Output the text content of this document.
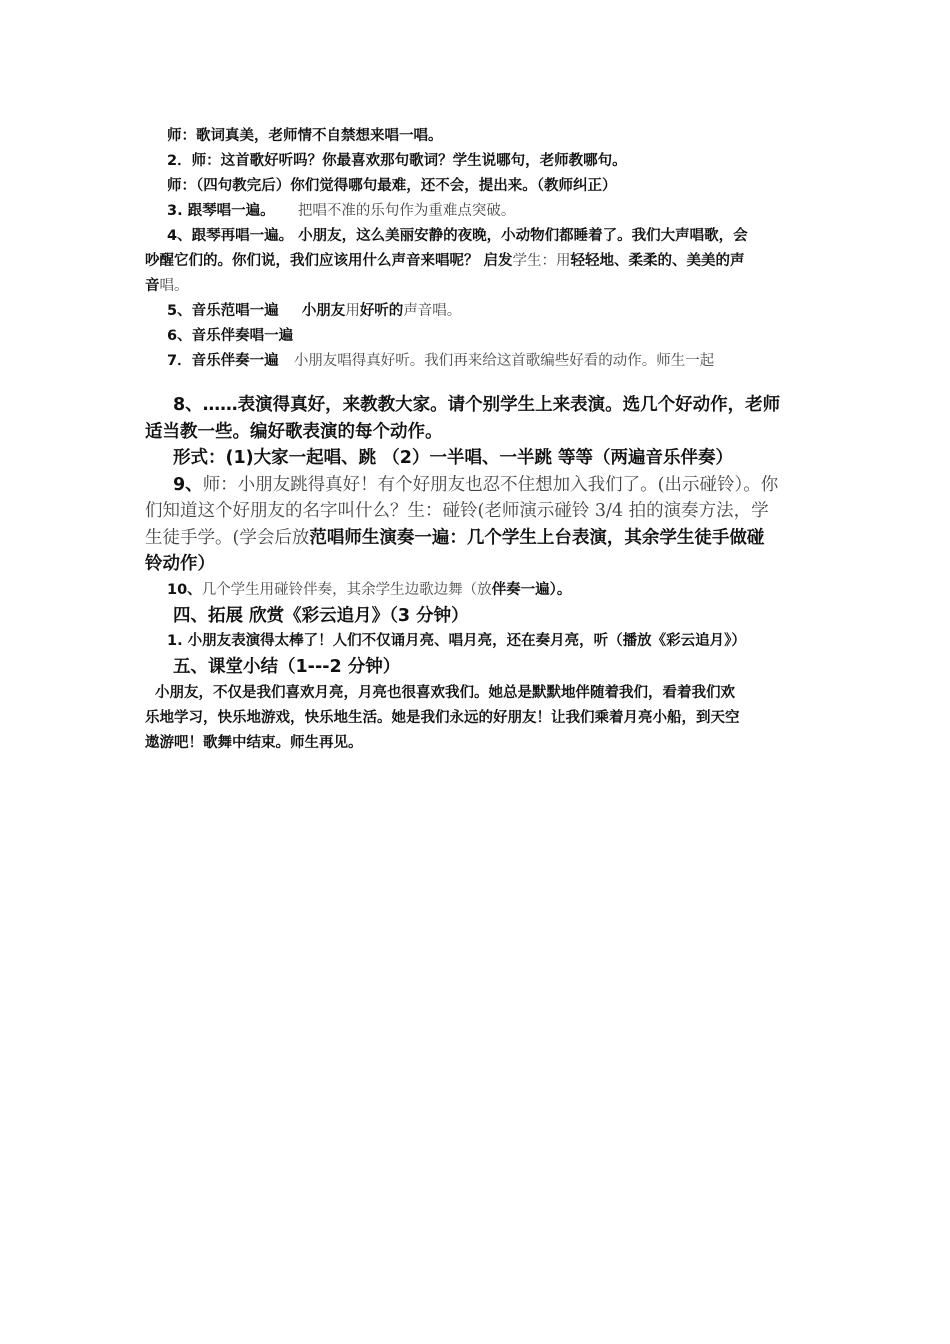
师：歌词真美，老师情不自禁想来唱一唱。

2．师：这首歌好听吗？你最喜欢那句歌词？学生说哪句，老师教哪句。

师：（四句教完后）你们觉得哪句最难，还不会，提出来。（教师纠正）

3. 跟琴唱一遍。 把唱不准的乐句作为重难点突破。

4、跟琴再唱一遍。 小朋友，这么美丽安静的夜晚，小动物们都睡着了。我们大声唱歌，会

吵醒它们的。你们说，我们应该用什么声音来唱呢？ 启发学生：用轻轻地、柔柔的、美美的声

音唱。

5、音乐范唱一遍 小朋友用好听的声音唱。

6、音乐伴奏唱一遍

7．音乐伴奏一遍 小朋友唱得真好听。我们再来给这首歌编些好看的动作。师生一起

8、……表演得真好，来教教大家。请个别学生上来表演。选几个好动作，老师

适当教一些。编好歌表演的每个动作。

形式：(1)大家一起唱、跳 （2）一半唱、一半跳 等等（两遍音乐伴奏）

9、师：小朋友跳得真好！有个好朋友也忍不住想加入我们了。(出示碰铃）。你

们知道这个好朋友的名字叫什么？生：碰铃(老师演示碰铃 3/4 拍的演奏方法，学

生徒手学。(学会后放范唱师生演奏一遍：几个学生上台表演，其余学生徒手做碰

铃动作）

10、几个学生用碰铃伴奏，其余学生边歌边舞（放伴奏一遍）。

四、拓展 欣赏《彩云追月》（3 分钟）

1. 小朋友表演得太棒了！人们不仅诵月亮、唱月亮，还在奏月亮，听（播放《彩云追月》）

五、课堂小结（1---2 分钟）

小朋友，不仅是我们喜欢月亮，月亮也很喜欢我们。她总是默默地伴随着我们，看着我们欢

乐地学习，快乐地游戏，快乐地生活。她是我们永远的好朋友！让我们乘着月亮小船，到天空

遨游吧！歌舞中结束。师生再见。
